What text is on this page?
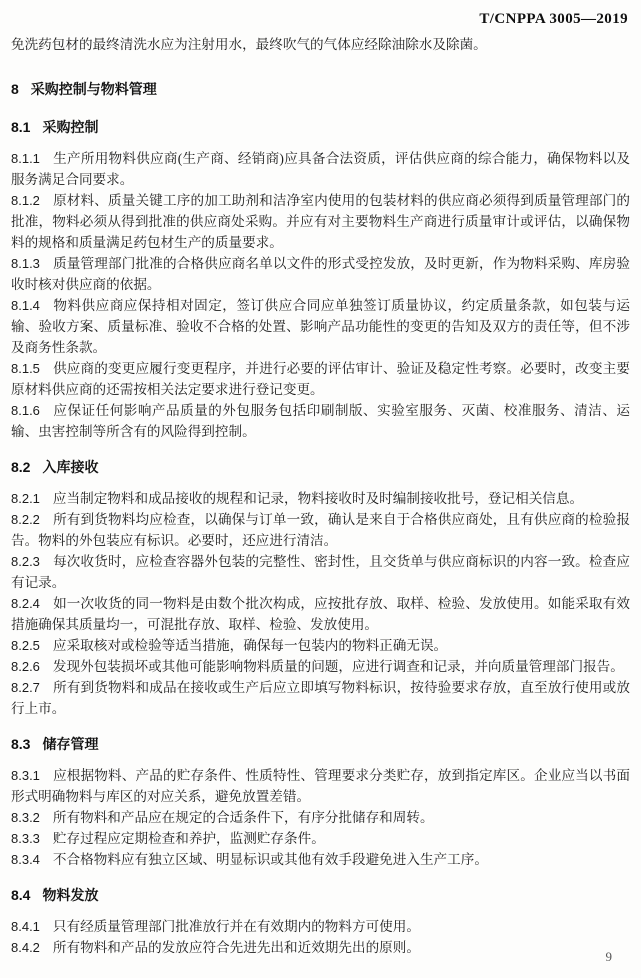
T/CNPPA 3005—2019

免洗药包材的最终清洗水应为注射用水，最终吹气的气体应经除油除水及除菌。

8 采购控制与物料管理
8.1 采购控制

8.1.1 生产所用物料供应商(生产商、经销商)应具备合法资质，评估供应商的综合能力，确保物料以及服务满足合同要求。

8.1.2 原材料、质量关键工序的加工助剂和洁净室内使用的包装材料的供应商必须得到质量管理部门的批准，物料必须从得到批准的供应商处采购。并应有对主要物料生产商进行质量审计或评估，以确保物料的规格和质量满足药包材生产的质量要求。

8.1.3 质量管理部门批准的合格供应商名单以文件的形式受控发放，及时更新，作为物料采购、库房验收时核对供应商的依据。

8.1.4 物料供应商应保持相对固定，签订供应合同应单独签订质量协议，约定质量条款，如包装与运输、验收方案、质量标准、验收不合格的处置、影响产品功能性的变更的告知及双方的责任等，但不涉及商务性条款。

8.1.5 供应商的变更应履行变更程序，并进行必要的评估审计、验证及稳定性考察。必要时，改变主要原材料供应商的还需按相关法定要求进行登记变更。

8.1.6 应保证任何影响产品质量的外包服务包括印刷制版、实验室服务、灭菌、校准服务、清洁、运输、虫害控制等所含有的风险得到控制。

8.2 入库接收

8.2.1 应当制定物料和成品接收的规程和记录，物料接收时及时编制接收批号，登记相关信息。

8.2.2 所有到货物料均应检查，以确保与订单一致，确认是来自于合格供应商处，且有供应商的检验报告。物料的外包装应有标识。必要时，还应进行清洁。

8.2.3 每次收货时，应检查容器外包装的完整性、密封性，且交货单与供应商标识的内容一致。检查应有记录。

8.2.4 如一次收货的同一物料是由数个批次构成，应按批存放、取样、检验、发放使用。如能采取有效措施确保其质量均一，可混批存放、取样、检验、发放使用。

8.2.5 应采取核对或检验等适当措施，确保每一包装内的物料正确无误。

8.2.6 发现外包装损坏或其他可能影响物料质量的问题，应进行调查和记录，并向质量管理部门报告。

8.2.7 所有到货物料和成品在接收或生产后应立即填写物料标识，按待验要求存放，直至放行使用或放行上市。

8.3 储存管理

8.3.1 应根据物料、产品的贮存条件、性质特性、管理要求分类贮存，放到指定库区。企业应当以书面形式明确物料与库区的对应关系，避免放置差错。

8.3.2 所有物料和产品应在规定的合适条件下，有序分批储存和周转。

8.3.3 贮存过程应定期检查和养护，监测贮存条件。

8.3.4 不合格物料应有独立区域、明显标识或其他有效手段避免进入生产工序。

8.4 物料发放

8.4.1 只有经质量管理部门批准放行并在有效期内的物料方可使用。

8.4.2 所有物料和产品的发放应符合先进先出和近效期先出的原则。

9
